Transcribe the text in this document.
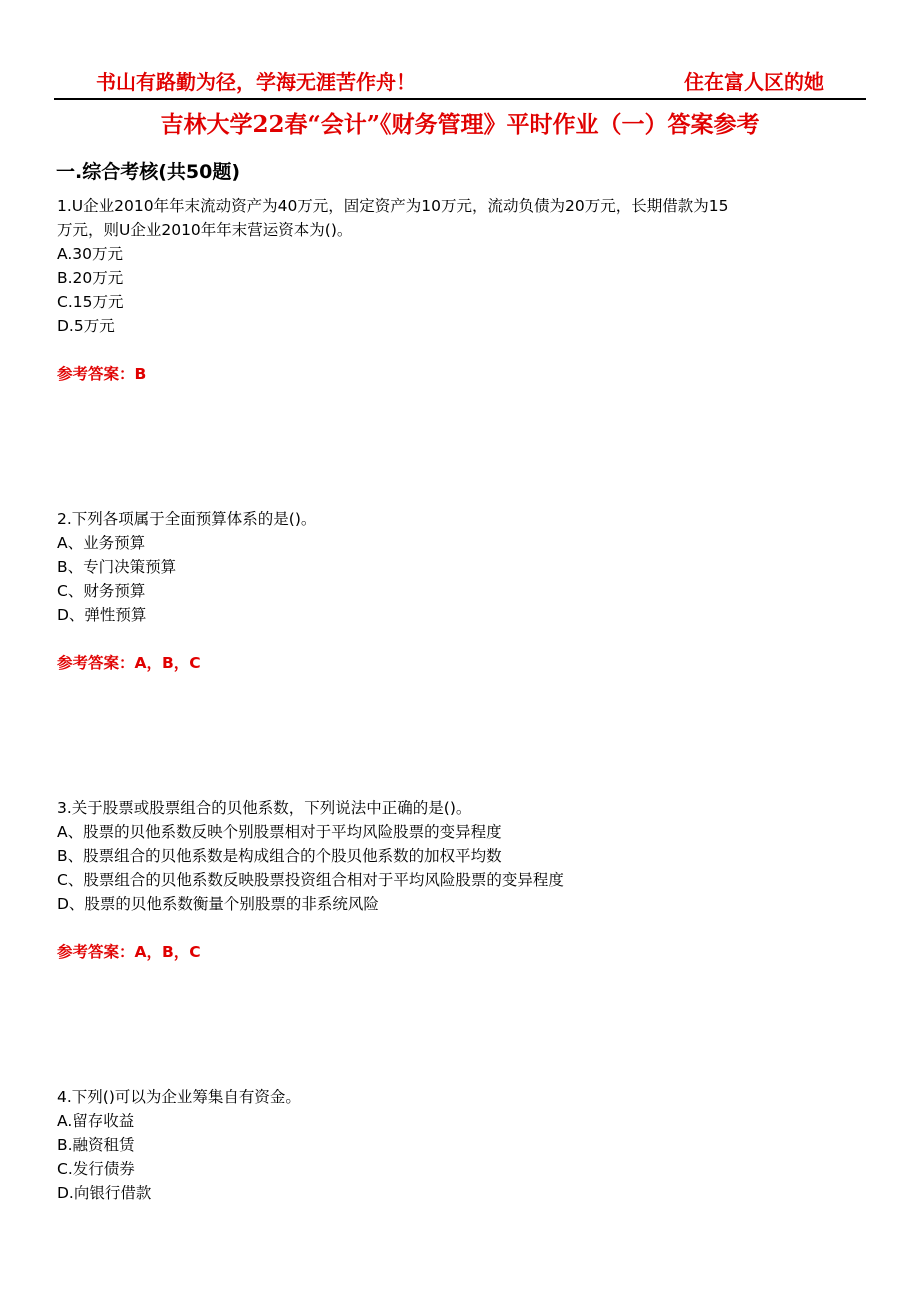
书山有路勤为径，学海无涯苦作舟！	住在富人区的她
吉林大学22春“会计”《财务管理》平时作业（一）答案参考
一.综合考核(共50题)
1.U企业2010年年末流动资产为40万元，固定资产为10万元，流动负债为20万元，长期借款为15
万元，则U企业2010年年末营运资本为()。
A.30万元
B.20万元
C.15万元
D.5万元
参考答案：B
2.下列各项属于全面预算体系的是()。
A、业务预算
B、专门决策预算
C、财务预算
D、弹性预算
参考答案：A，B，C
3.关于股票或股票组合的贝他系数，下列说法中正确的是()。
A、股票的贝他系数反映个别股票相对于平均风险股票的变异程度
B、股票组合的贝他系数是构成组合的个股贝他系数的加权平均数
C、股票组合的贝他系数反映股票投资组合相对于平均风险股票的变异程度
D、股票的贝他系数衡量个别股票的非系统风险
参考答案：A，B，C
4.下列()可以为企业筹集自有资金。
A.留存收益
B.融资租赁
C.发行债券
D.向银行借款
